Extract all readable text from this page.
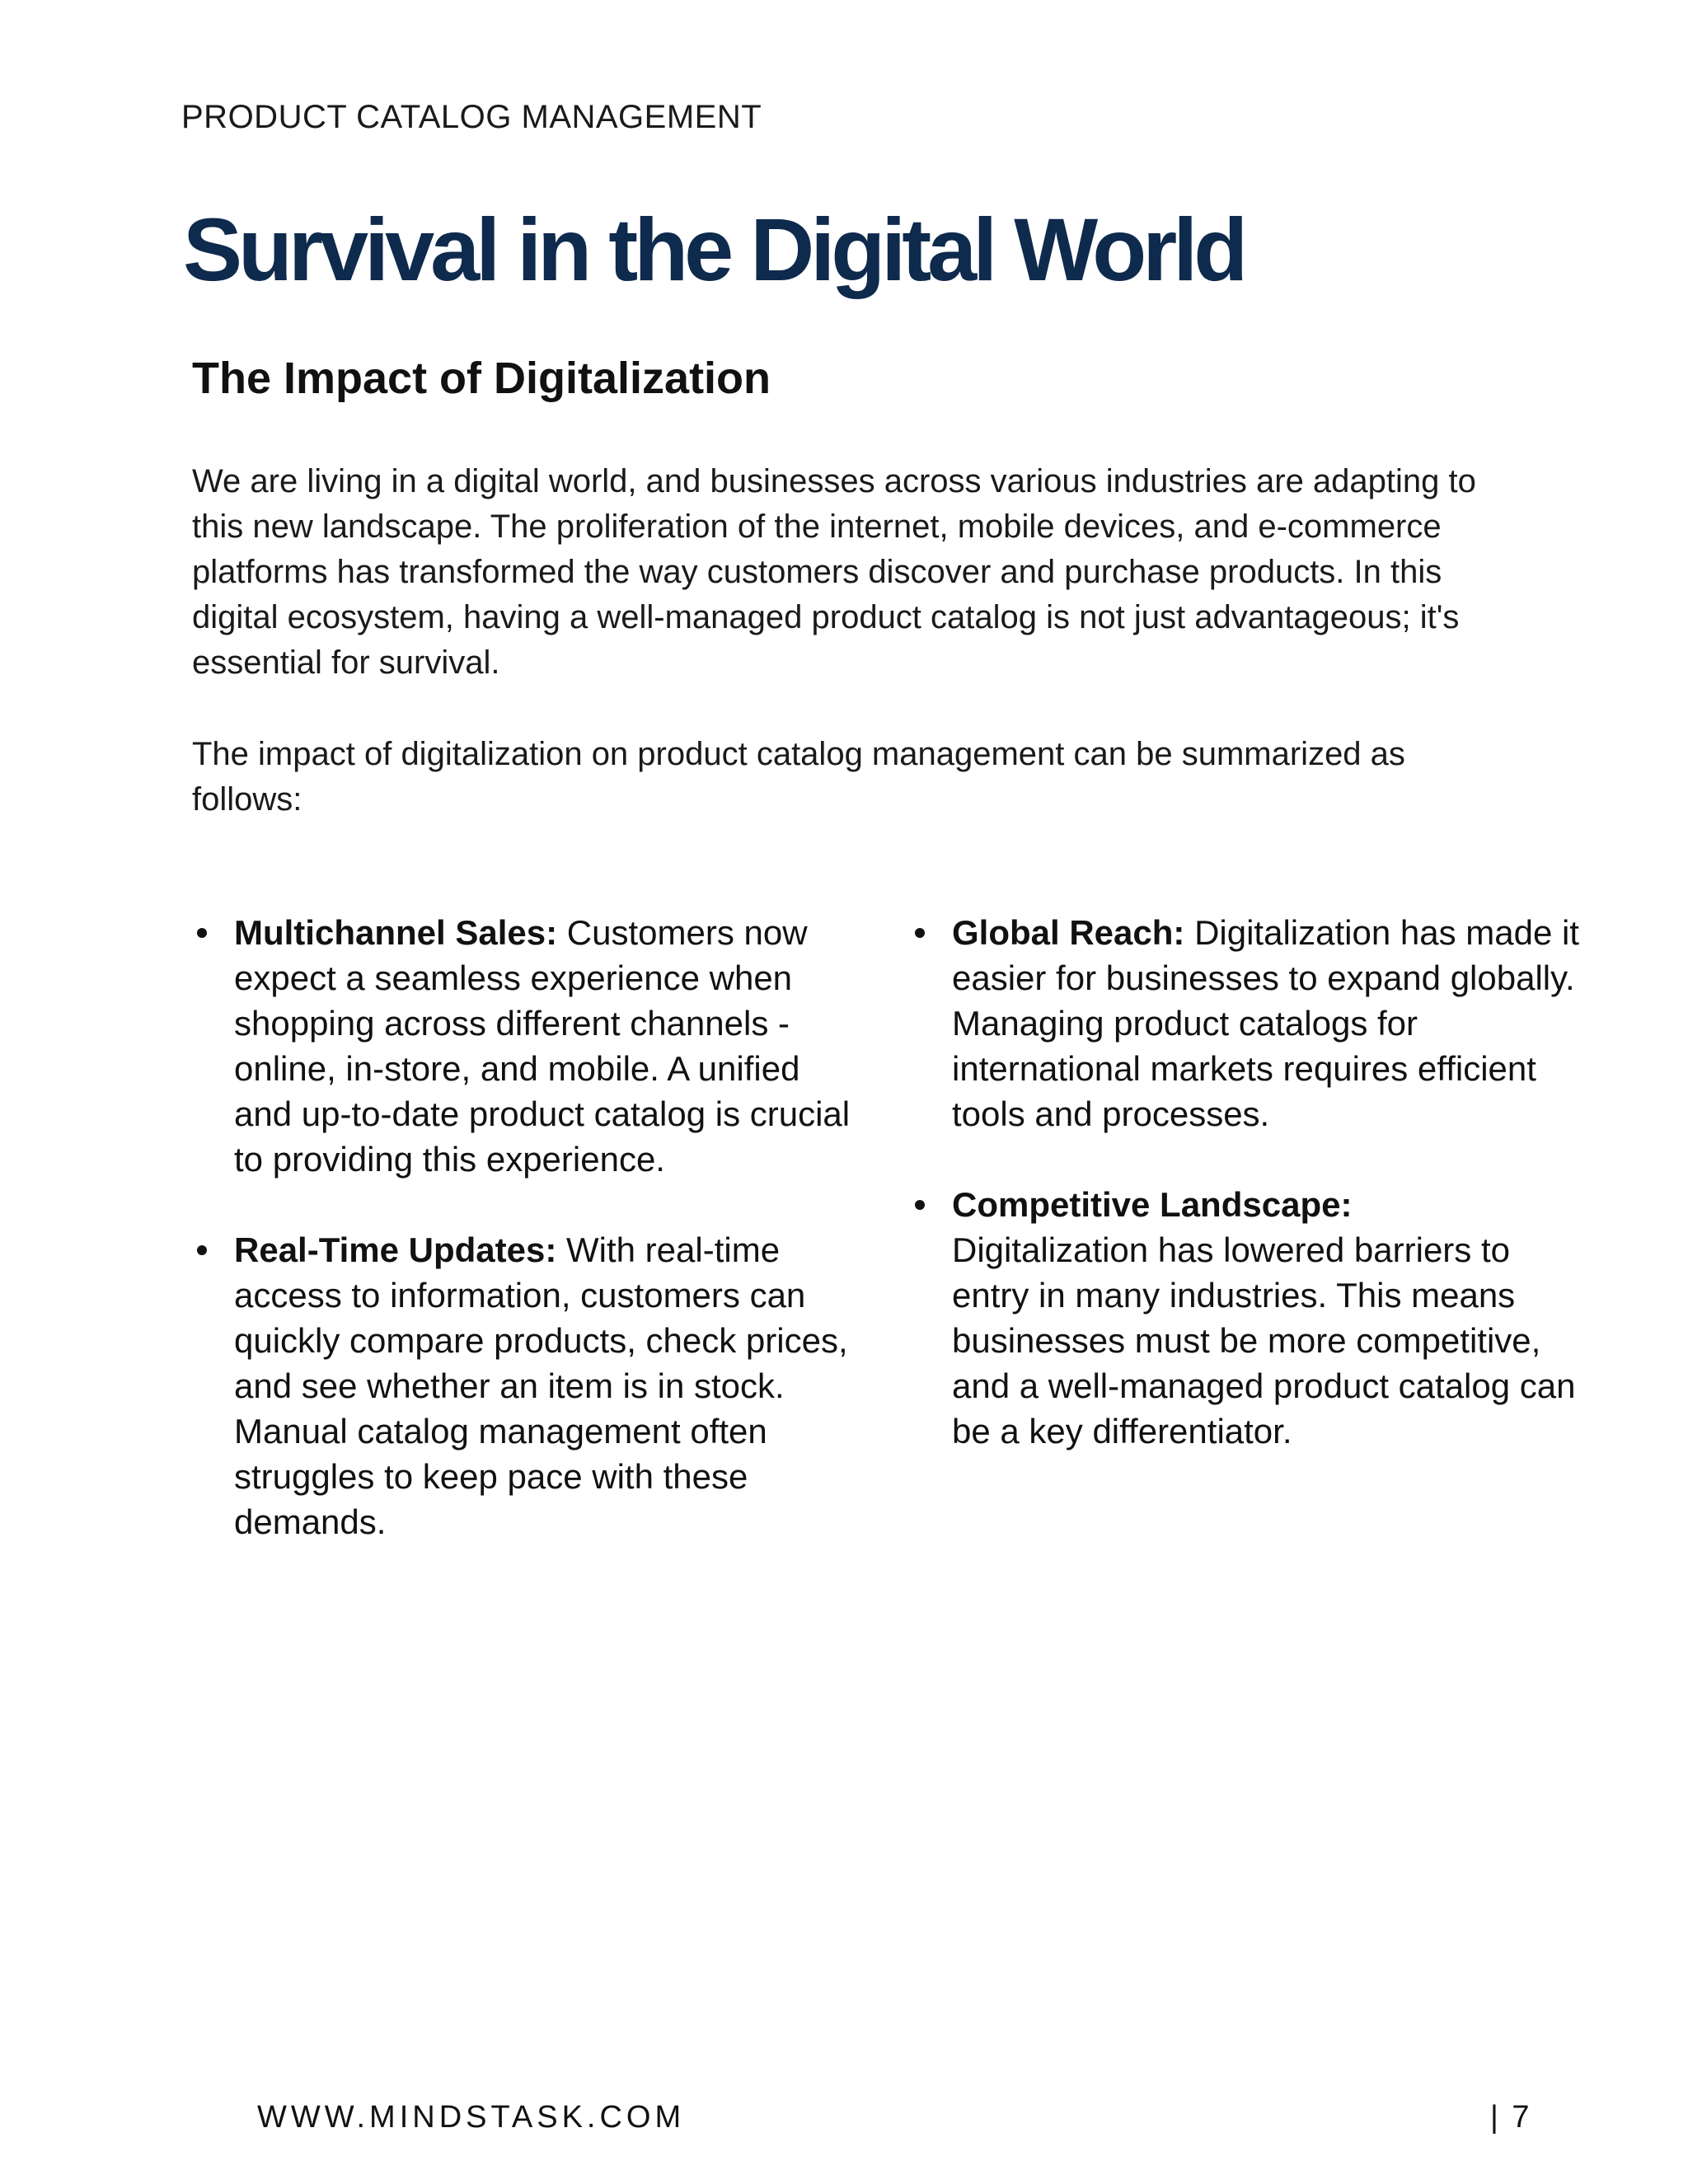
PRODUCT CATALOG MANAGEMENT
Survival in the Digital World
The Impact of Digitalization

We are living in a digital world, and businesses across various industries are adapting to this new landscape. The proliferation of the internet, mobile devices, and e-commerce platforms has transformed the way customers discover and purchase products. In this digital ecosystem, having a well-managed product catalog is not just advantageous; it's essential for survival.

The impact of digitalization on product catalog management can be summarized as follows:

Multichannel Sales: Customers now expect a seamless experience when shopping across different channels - online, in-store, and mobile. A unified and up-to-date product catalog is crucial to providing this experience.
Real-Time Updates: With real-time access to information, customers can quickly compare products, check prices, and see whether an item is in stock. Manual catalog management often struggles to keep pace with these demands.
Global Reach: Digitalization has made it easier for businesses to expand globally. Managing product catalogs for international markets requires efficient tools and processes.
Competitive Landscape:
Digitalization has lowered barriers to entry in many industries. This means businesses must be more competitive, and a well-managed product catalog can be a key differentiator.
WWW.MINDSTASK.COM	| 7
